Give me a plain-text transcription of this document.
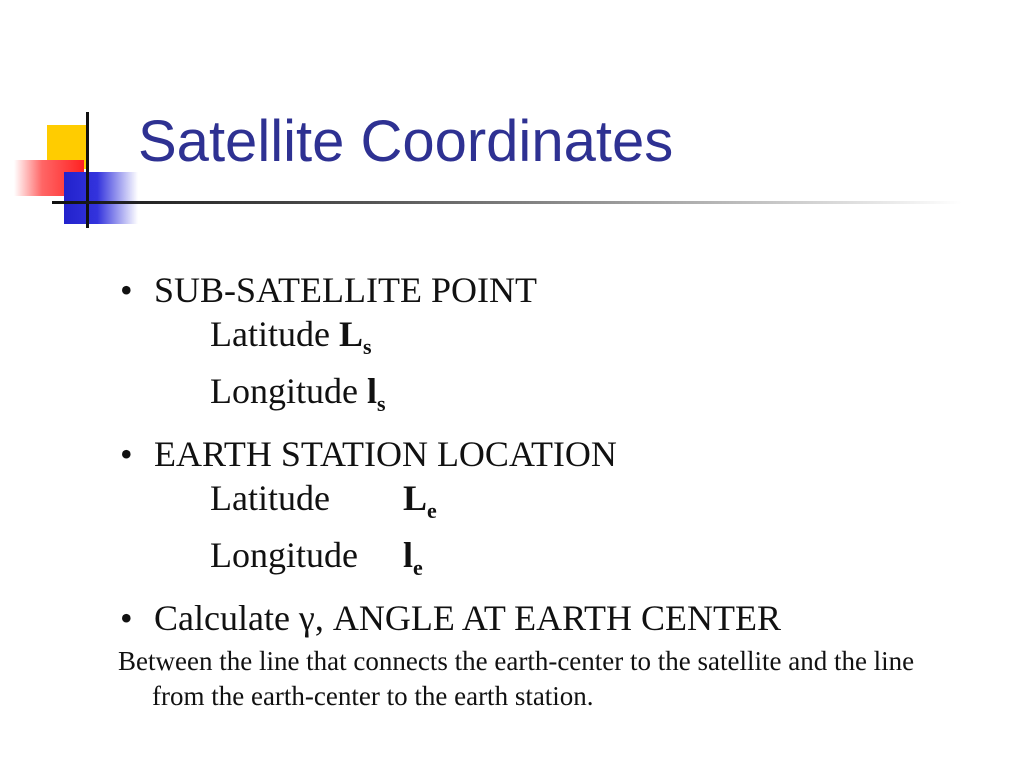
Satellite Coordinates
• SUB-SATELLITE POINT
Latitude $L_s$
Longitude $l_s$
• EARTH STATION LOCATION
Latitude $L_e$
Longitude $l_e$
• Calculate γ, ANGLE AT EARTH CENTER
Between the line that connects the earth-center to the satellite and the line from the earth-center to the earth station.
